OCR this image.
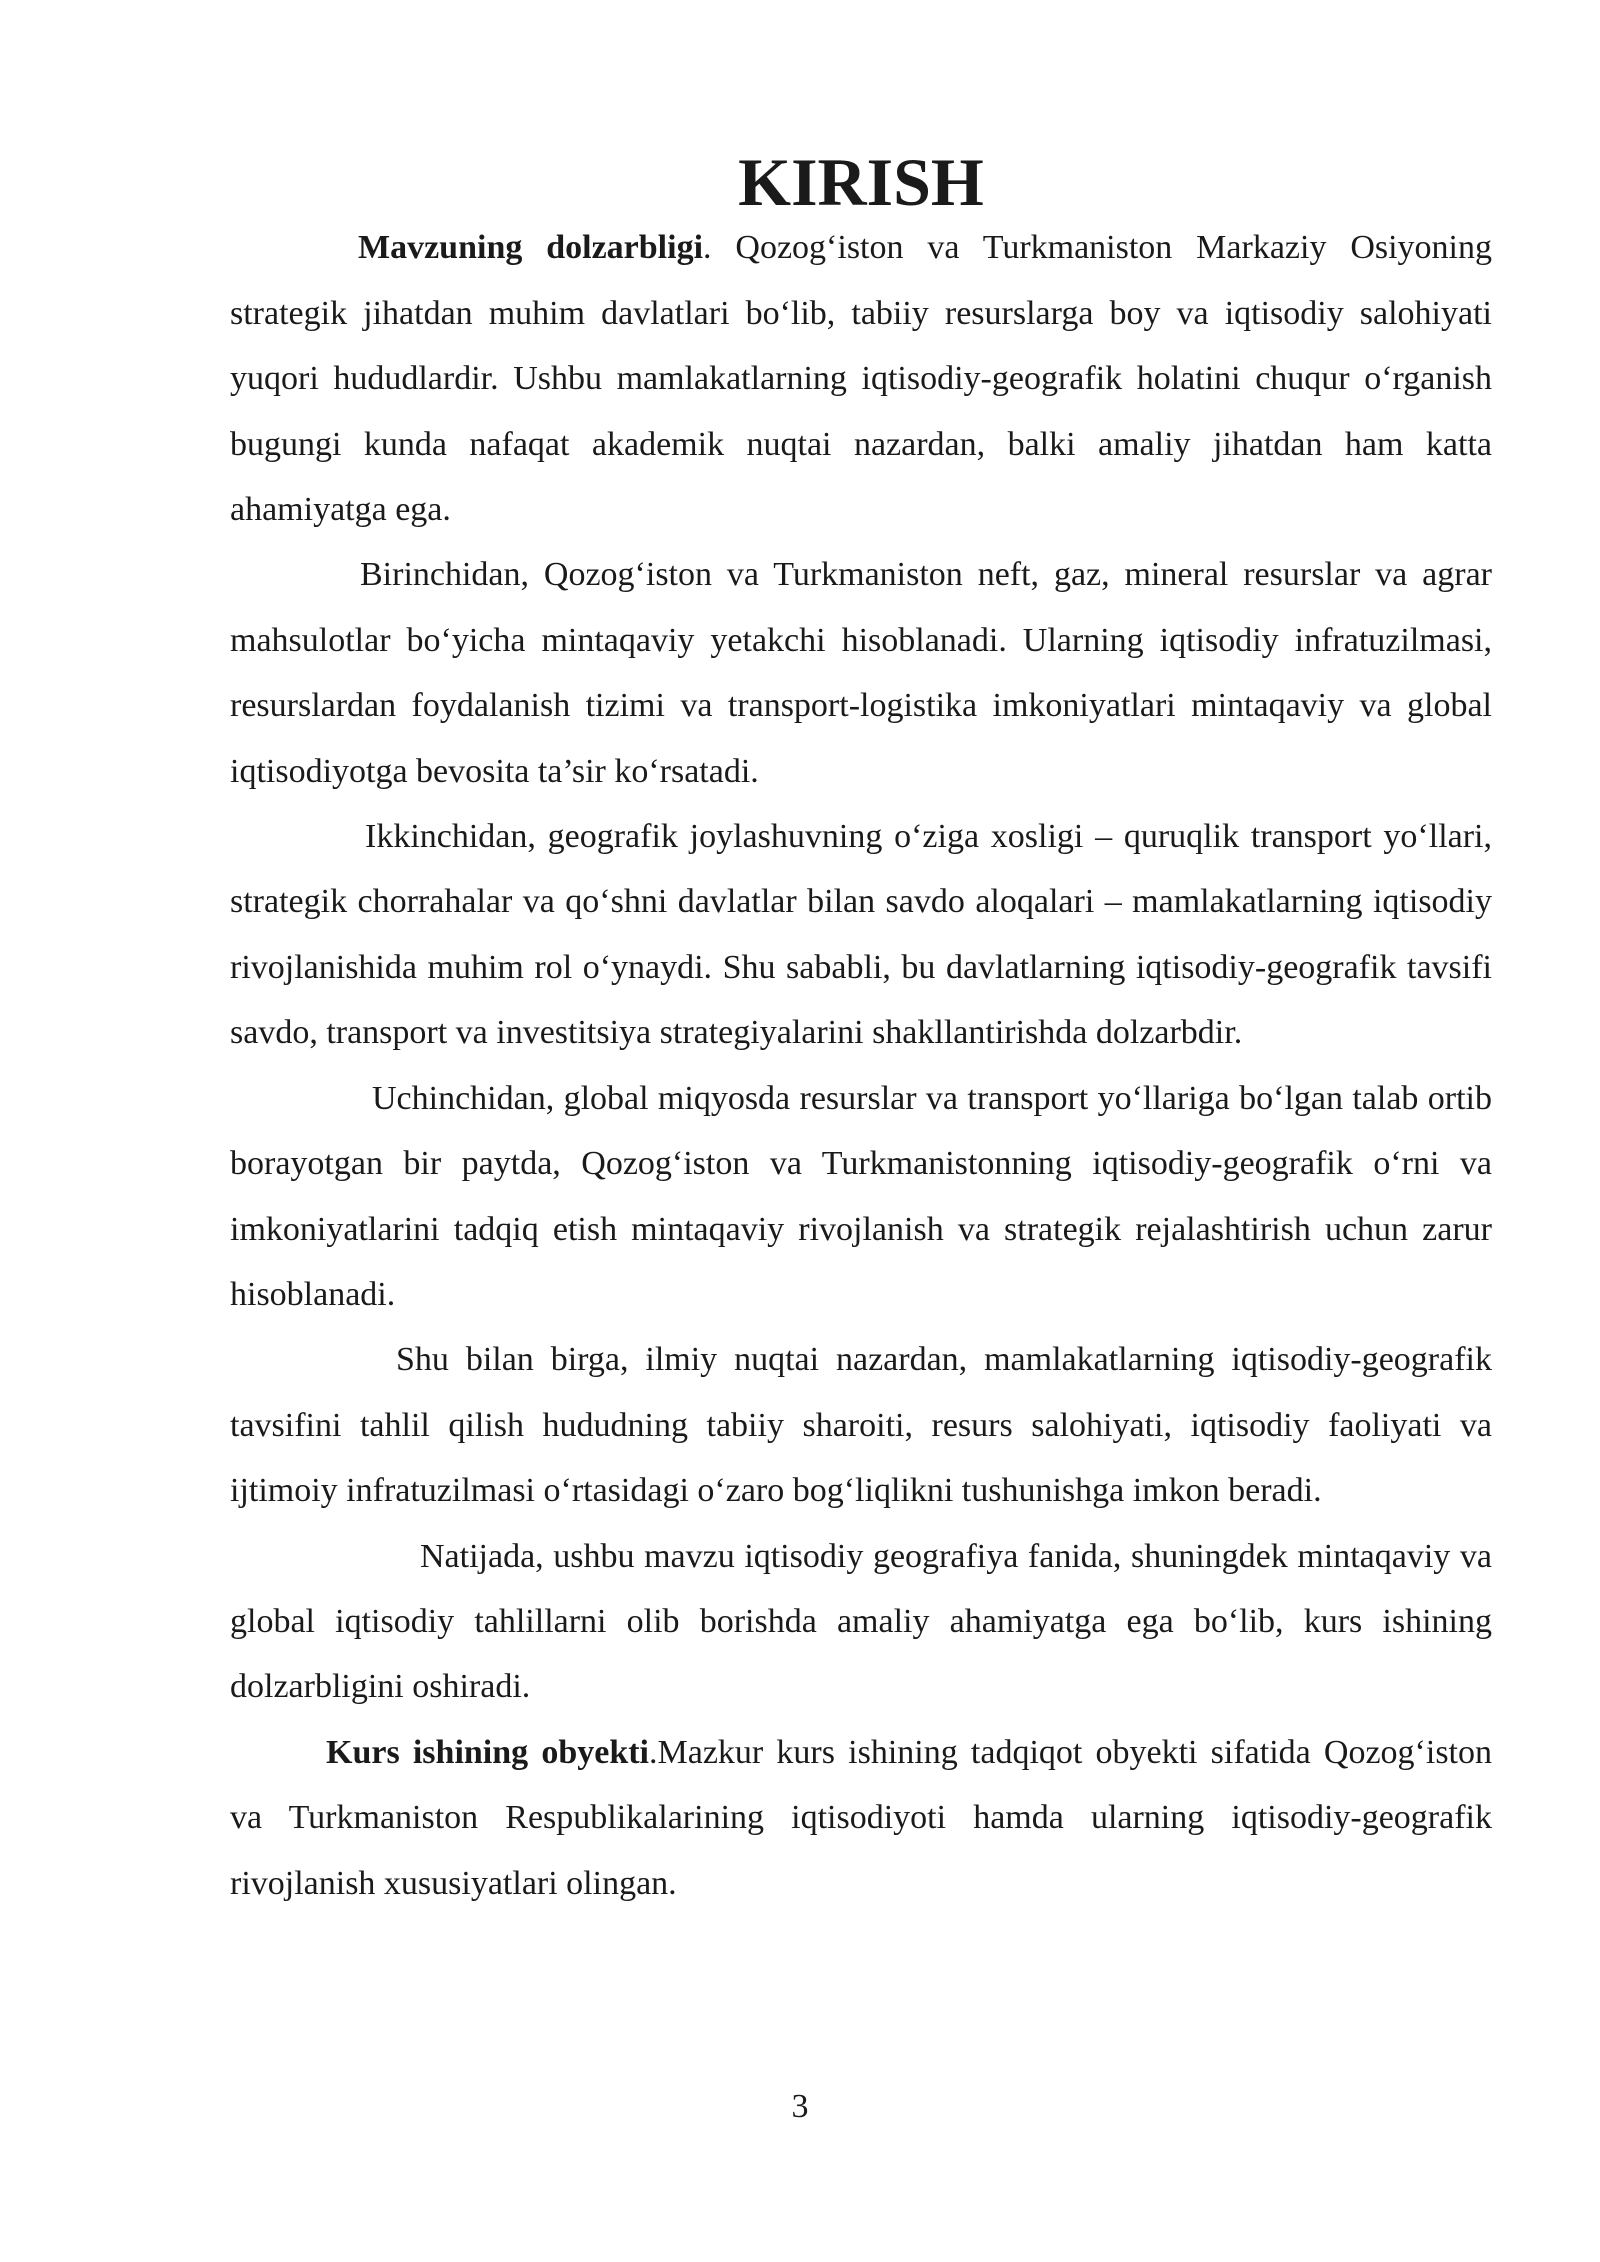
KIRISH

Mavzuning dolzarbligi. Qozog‘iston va Turkmaniston Markaziy Osiyoning strategik jihatdan muhim davlatlari bo‘lib, tabiiy resurslarga boy va iqtisodiy salohiyati yuqori hududlardir. Ushbu mamlakatlarning iqtisodiy-geografik holatini chuqur o‘rganish bugungi kunda nafaqat akademik nuqtai nazardan, balki amaliy jihatdan ham katta ahamiyatga ega.

Birinchidan, Qozog‘iston va Turkmaniston neft, gaz, mineral resurslar va agrar mahsulotlar bo‘yicha mintaqaviy yetakchi hisoblanadi. Ularning iqtisodiy infratuzilmasi, resurslardan foydalanish tizimi va transport-logistika imkoniyatlari mintaqaviy va global iqtisodiyotga bevosita ta’sir ko‘rsatadi.

Ikkinchidan, geografik joylashuvning o‘ziga xosligi – quruqlik transport yo‘llari, strategik chorrahalar va qo‘shni davlatlar bilan savdo aloqalari – mamlakatlarning iqtisodiy rivojlanishida muhim rol o‘ynaydi. Shu sababli, bu davlatlarning iqtisodiy-geografik tavsifi savdo, transport va investitsiya strategiyalarini shakllantirishda dolzarbdir.

Uchinchidan, global miqyosda resurslar va transport yo‘llariga bo‘lgan talab ortib borayotgan bir paytda, Qozog‘iston va Turkmanistonning iqtisodiy-geografik o‘rni va imkoniyatlarini tadqiq etish mintaqaviy rivojlanish va strategik rejalashtirish uchun zarur hisoblanadi.

Shu bilan birga, ilmiy nuqtai nazardan, mamlakatlarning iqtisodiy-geografik tavsifini tahlil qilish hududning tabiiy sharoiti, resurs salohiyati, iqtisodiy faoliyati va ijtimoiy infratuzilmasi o‘rtasidagi o‘zaro bog‘liqlikni tushunishga imkon beradi.

Natijada, ushbu mavzu iqtisodiy geografiya fanida, shuningdek mintaqaviy va global iqtisodiy tahlillarni olib borishda amaliy ahamiyatga ega bo‘lib, kurs ishining dolzarbligini oshiradi.

Kurs ishining obyekti.Mazkur kurs ishining tadqiqot obyekti sifatida Qozog‘iston va Turkmaniston Respublikalarining iqtisodiyoti hamda ularning iqtisodiy-geografik rivojlanish xususiyatlari olingan.

3
